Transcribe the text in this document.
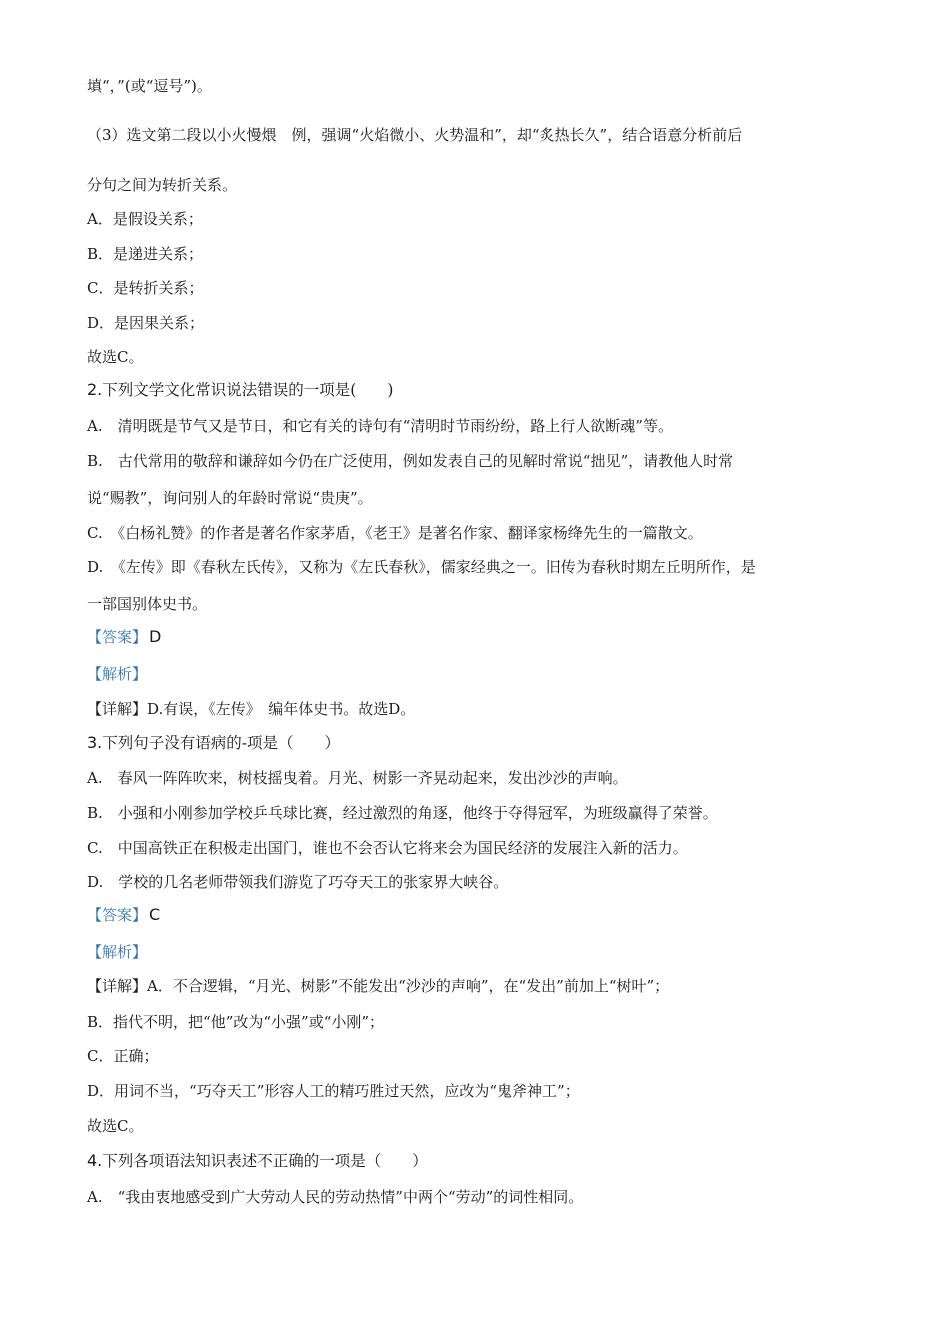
填“，”(或“逗号”)。
（3）选文第二段以小火慢煨　例，强调“火焰微小、火势温和”，却“炙热长久”，结合语意分析前后
分句之间为转折关系。
A．是假设关系；
B．是递进关系；
C．是转折关系；
D．是因果关系；
故选C。
2.下列文学文化常识说法错误的一项是(　　)
A.　清明既是节气又是节日，和它有关的诗句有“清明时节雨纷纷，路上行人欲断魂”等。
B.　古代常用的敬辞和谦辞如今仍在广泛使用，例如发表自己的见解时常说“拙见”，请教他人时常
说“赐教”，询问别人的年龄时常说“贵庚”。
C.　《白杨礼赞》的作者是著名作家茅盾，《老王》是著名作家、翻译家杨绛先生的一篇散文。
D.　《左传》即《春秋左氏传》，又称为《左氏春秋》，儒家经典之一。旧传为春秋时期左丘明所作，是
一部国别体史书。
【答案】 D
【解析】
【详解】D.有误，《左传》　编年体史书。故选D。
3.下列句子没有语病的-项是（　　）
A.　春风一阵阵吹来，树枝摇曳着。月光、树影一齐晃动起来，发出沙沙的声响。
B.　小强和小刚参加学校乒乓球比赛，经过激烈的角逐，他终于夺得冠军，为班级赢得了荣誉。
C.　中国高铁正在积极走出国门，谁也不会否认它将来会为国民经济的发展注入新的活力。
D.　学校的几名老师带领我们游览了巧夺天工的张家界大峡谷。
【答案】 C
【解析】
【详解】A．不合逻辑，“月光、树影”不能发出“沙沙的声响”，在“发出”前加上“树叶”；
B．指代不明，把“他”改为“小强”或“小刚”；
C．正确；
D．用词不当，“巧夺天工”形容人工的精巧胜过天然，应改为“鬼斧神工”；
故选C。
4.下列各项语法知识表述不正确的一项是（　　）
A.　“我由衷地感受到广大劳动人民的劳动热情”中两个“劳动”的词性相同。
